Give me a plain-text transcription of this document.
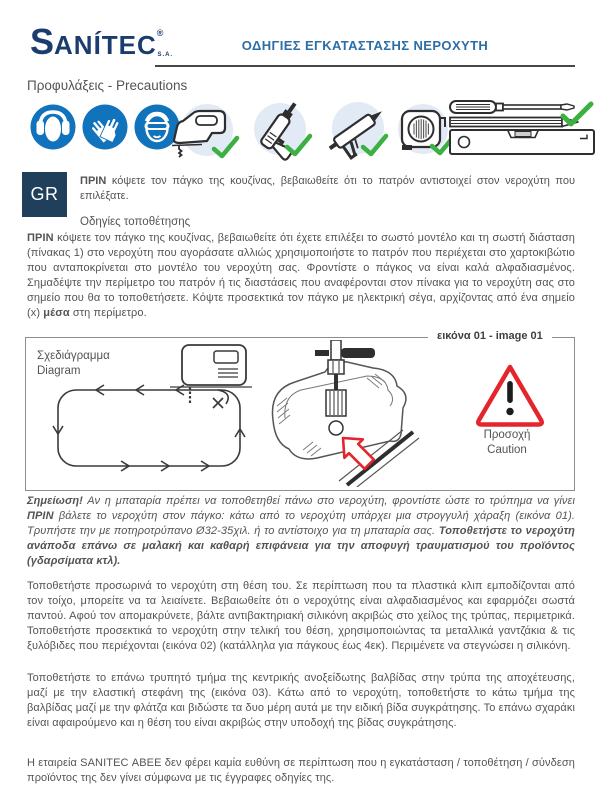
SANÍTEC®S.A.
ΟΔΗΓΙΕΣ ΕΓΚΑΤΑΣΤΑΣΗΣ ΝΕΡΟΧΥΤΗ
Προφυλάξεις - Precautions
GR
ΠΡΙΝ κόψετε τον πάγκο της κουζίνας, βεβαιωθείτε ότι το πατρόν αντιστοιχεί στον νεροχύτη που επιλέξατε.
Οδηγίες τοποθέτησης
ΠΡΙΝ κόψετε τον πάγκο της κουζίνας, βεβαιωθείτε ότι έχετε επιλέξει το σωστό μοντέλο και τη σωστή διάσταση (πίνακας 1) στο νεροχύτη που αγοράσατε αλλιώς χρησιμοποιήστε το πατρόν που περιέχεται στο χαρτοκιβώτιο που ανταποκρίνεται στο μοντέλο του νεροχύτη σας. Φροντίστε ο πάγκος να είναι καλά αλφαδιασμένος. Σημαδέψτε την περίμετρο του πατρόν ή τις διαστάσεις που αναφέρονται στον πίνακα για το νεροχύτη σας στο σημείο που θα το τοποθετήσετε. Κόψτε προσεκτικά τον πάγκο με ηλεκτρική σέγα, αρχίζοντας από ένα σημείο (x) μέσα στη περίμετρο.
εικόνα 01 - image 01
Σχεδιάγραμμα
Diagram
Προσοχή
Caution
Σημείωση! Αν η μπαταρία πρέπει να τοποθετηθεί πάνω στο νεροχύτη, φροντίστε ώστε το τρύπημα να γίνει ΠΡΙΝ βάλετε το νεροχύτη στον πάγκο: κάτω από το νεροχύτη υπάρχει μια στρογγυλή χάραξη (εικόνα 01). Τρυπήστε την με ποτηροτρύπανο Ø32-35χιλ. ή το αντίστοιχο για τη μπαταρία σας. Τοποθετήστε το νεροχύτη ανάποδα επάνω σε μαλακή και καθαρή επιφάνεια για την αποφυγή τραυματισμού του προϊόντος (γδαρσίματα κτλ).
Τοποθετήστε προσωρινά το νεροχύτη στη θέση του. Σε περίπτωση που τα πλαστικά κλιπ εμποδίζονται από τον τοίχο, μπορείτε να τα λειαίνετε. Βεβαιωθείτε ότι ο νεροχύτης είναι αλφαδιασμένος και εφαρμόζει σωστά παντού. Αφού τον απομακρύνετε, βάλτε αντιβακτηριακή σιλικόνη ακριβώς στο χείλος της τρύπας, περιμετρικά. Τοποθετήστε προσεκτικά το νεροχύτη στην τελική του θέση, χρησιμοποιώντας τα μεταλλικά γαντζάκια & τις ξυλόβιδες που περιέχονται (εικόνα 02) (κατάλληλα για πάγκους έως 4εκ). Περιμένετε να στεγνώσει η σιλικόνη.
Τοποθετήστε το επάνω τρυπητό τμήμα της κεντρικής ανοξείδωτης βαλβίδας στην τρύπα της αποχέτευσης, μαζί με την ελαστική στεφάνη της (εικόνα 03). Κάτω από το νεροχύτη, τοποθετήστε το κάτω τμήμα της βαλβίδας μαζί με την φλάτζα και βιδώστε τα δυο μέρη αυτά με την ειδική βίδα συγκράτησης. Το επάνω σχαράκι είναι αφαιρούμενο και η θέση του είναι ακριβώς στην υποδοχή της βίδας συγκράτησης.
Η εταιρεία SANITEC ΑΒΕΕ δεν φέρει καμία ευθύνη σε περίπτωση που η εγκατάσταση / τοποθέτηση / σύνδεση προϊόντος της δεν γίνει σύμφωνα με τις έγγραφες οδηγίες της.
